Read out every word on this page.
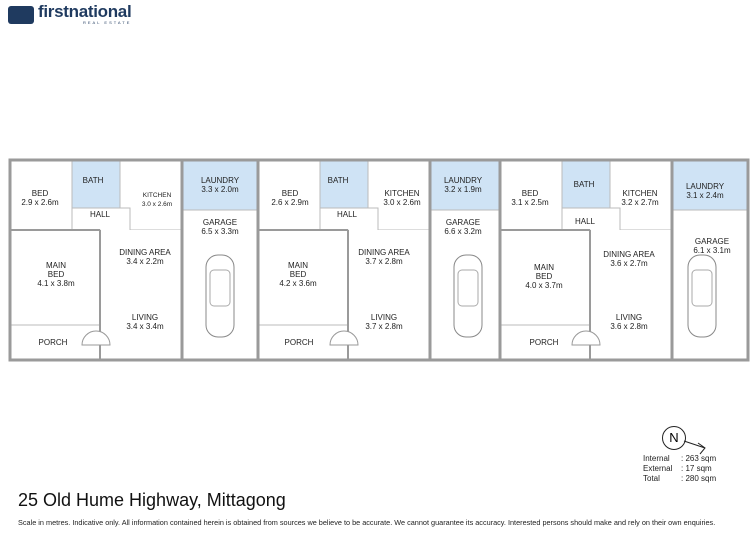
firstnational
REAL ESTATE
BED
2.9 x 2.6m
BATH
KITCHEN
3.0 x 2.6m
LAUNDRY
3.3 x 2.0m
HALL
GARAGE
6.5 x 3.3m
MAIN
BED
4.1 x 3.8m
DINING AREA
3.4 x 2.2m
LIVING
3.4 x 3.4m
PORCH
BED
2.6 x 2.9m
BATH
KITCHEN
3.0 x 2.6m
LAUNDRY
3.2 x 1.9m
HALL
GARAGE
6.6 x 3.2m
MAIN
BED
4.2 x 3.6m
DINING AREA
3.7 x 2.8m
LIVING
3.7 x 2.8m
PORCH
BED
3.1 x 2.5m
BATH
KITCHEN
3.2 x 2.7m
LAUNDRY
3.1 x 2.4m
HALL
GARAGE
6.1 x 3.1m
MAIN
BED
4.0 x 3.7m
DINING AREA
3.6 x 2.7m
LIVING
3.6 x 2.8m
PORCH
N
Internal : 263 sqm
External : 17 sqm
Total	: 280 sqm
25 Old Hume Highway, Mittagong
Scale in metres. Indicative only. All information contained herein is obtained from sources we believe to be accurate. We cannot guarantee its accuracy. Interested persons should make and rely on their own enquiries.
